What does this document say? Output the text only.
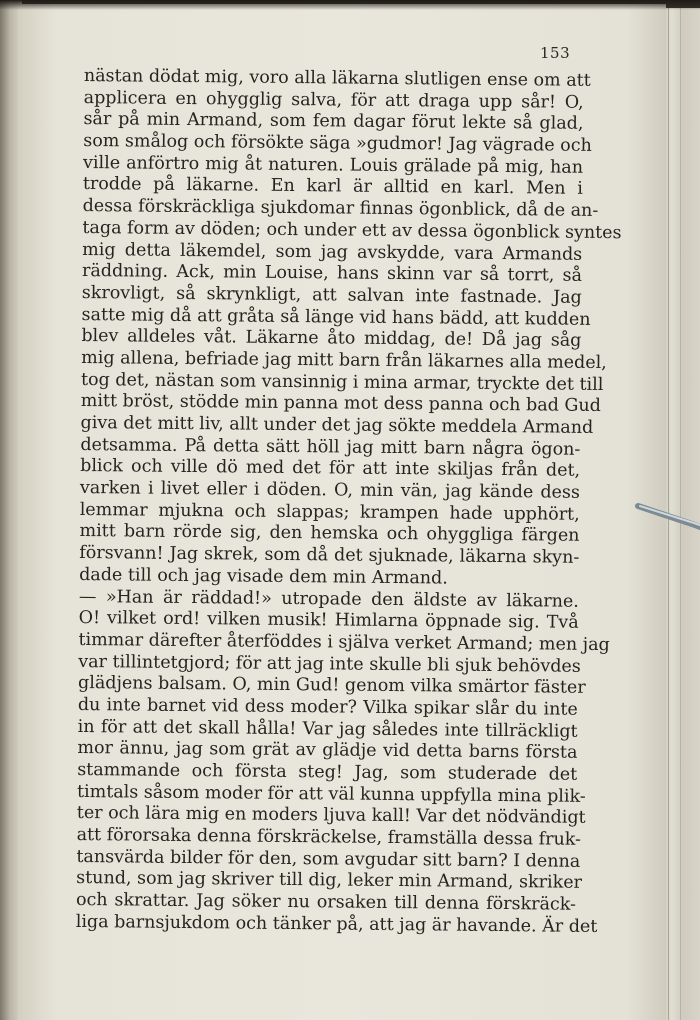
153
nästan dödat mig, voro alla läkarna slutligen ense om att
applicera en ohygglig salva, för att draga upp sår! O,
sår på min Armand, som fem dagar förut lekte så glad,
som smålog och försökte säga »gudmor! Jag vägrade och
ville anförtro mig åt naturen. Louis grälade på mig, han
trodde på läkarne. En karl är alltid en karl. Men i
dessa förskräckliga sjukdomar finnas ögonblick, då de an-
taga form av döden; och under ett av dessa ögonblick syntes
mig detta läkemdel, som jag avskydde, vara Armands
räddning. Ack, min Louise, hans skinn var så torrt, så
skrovligt, så skrynkligt, att salvan inte fastnade. Jag
satte mig då att gråta så länge vid hans bädd, att kudden
blev alldeles våt. Läkarne åto middag, de! Då jag såg
mig allena, befriade jag mitt barn från läkarnes alla medel,
tog det, nästan som vansinnig i mina armar, tryckte det till
mitt bröst, stödde min panna mot dess panna och bad Gud
giva det mitt liv, allt under det jag sökte meddela Armand
detsamma. På detta sätt höll jag mitt barn några ögon-
blick och ville dö med det för att inte skiljas från det,
varken i livet eller i döden. O, min vän, jag kände dess
lemmar mjukna och slappas; krampen hade upphört,
mitt barn rörde sig, den hemska och ohyggliga färgen
försvann! Jag skrek, som då det sjuknade, läkarna skyn-
dade till och jag visade dem min Armand.
— »Han är räddad!» utropade den äldste av läkarne.
O! vilket ord! vilken musik! Himlarna öppnade sig. Två
timmar därefter återföddes i själva verket Armand; men jag
var tillintetgjord; för att jag inte skulle bli sjuk behövdes
glädjens balsam. O, min Gud! genom vilka smärtor fäster
du inte barnet vid dess moder? Vilka spikar slår du inte
in för att det skall hålla! Var jag således inte tillräckligt
mor ännu, jag som grät av glädje vid detta barns första
stammande och första steg! Jag, som studerade det
timtals såsom moder för att väl kunna uppfylla mina plik-
ter och lära mig en moders ljuva kall! Var det nödvändigt
att förorsaka denna förskräckelse, framställa dessa fruk-
tansvärda bilder för den, som avgudar sitt barn? I denna
stund, som jag skriver till dig, leker min Armand, skriker
och skrattar. Jag söker nu orsaken till denna förskräck-
liga barnsjukdom och tänker på, att jag är havande. Är det
